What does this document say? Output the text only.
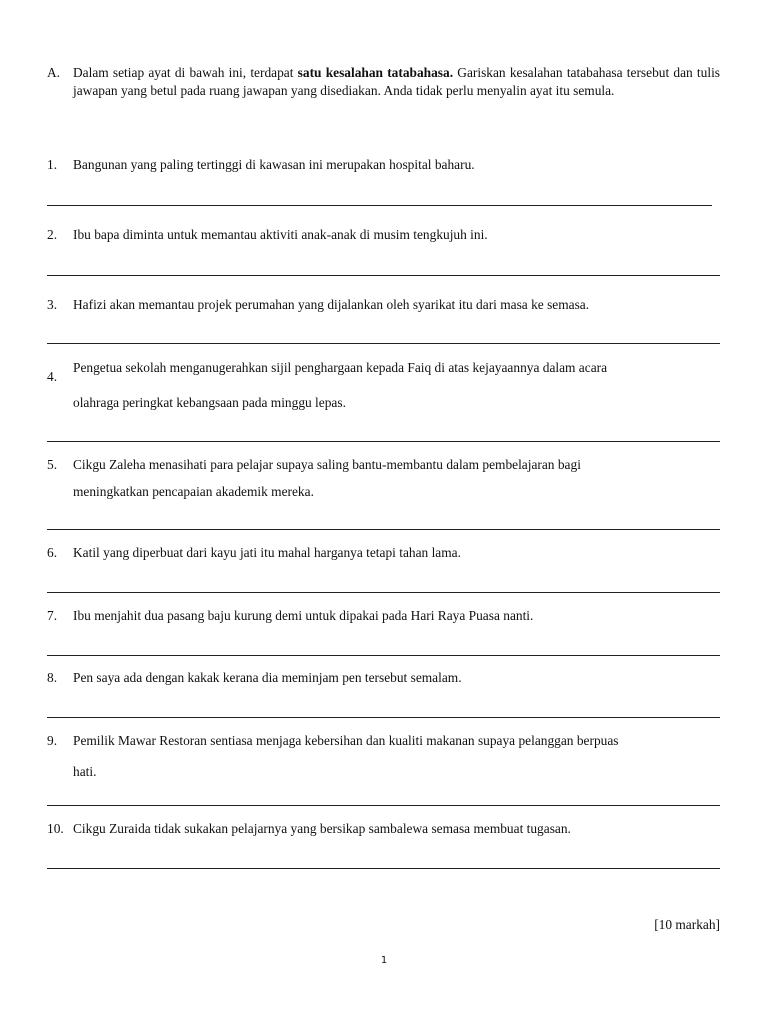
A. Dalam setiap ayat di bawah ini, terdapat satu kesalahan tatabahasa. Gariskan kesalahan tatabahasa tersebut dan tulis jawapan yang betul pada ruang jawapan yang disediakan. Anda tidak perlu menyalin ayat itu semula.
1.	Bangunan yang paling tertinggi di kawasan ini merupakan hospital baharu.
2.	Ibu bapa diminta untuk memantau aktiviti anak-anak di musim tengkujuh ini.
3.	Hafizi akan memantau projek perumahan yang dijalankan oleh syarikat itu dari masa ke semasa.
4.
Pengetua sekolah menganugerahkan sijil penghargaan kepada Faiq di atas kejayaannya dalam acara
olahraga peringkat kebangsaan pada minggu lepas.
5.	Cikgu Zaleha menasihati para pelajar supaya saling bantu-membantu dalam pembelajaran bagi
meningkatkan pencapaian akademik mereka.
6.	Katil yang diperbuat dari kayu jati itu mahal harganya tetapi tahan lama.
7.	Ibu menjahit dua pasang baju kurung demi untuk dipakai pada Hari Raya Puasa nanti.
8.	Pen saya ada dengan kakak kerana dia meminjam pen tersebut semalam.
9.	Pemilik Mawar Restoran sentiasa menjaga kebersihan dan kualiti makanan supaya pelanggan berpuas
hati.
10. Cikgu Zuraida tidak sukakan pelajarnya yang bersikap sambalewa semasa membuat tugasan.
[10 markah]
1
